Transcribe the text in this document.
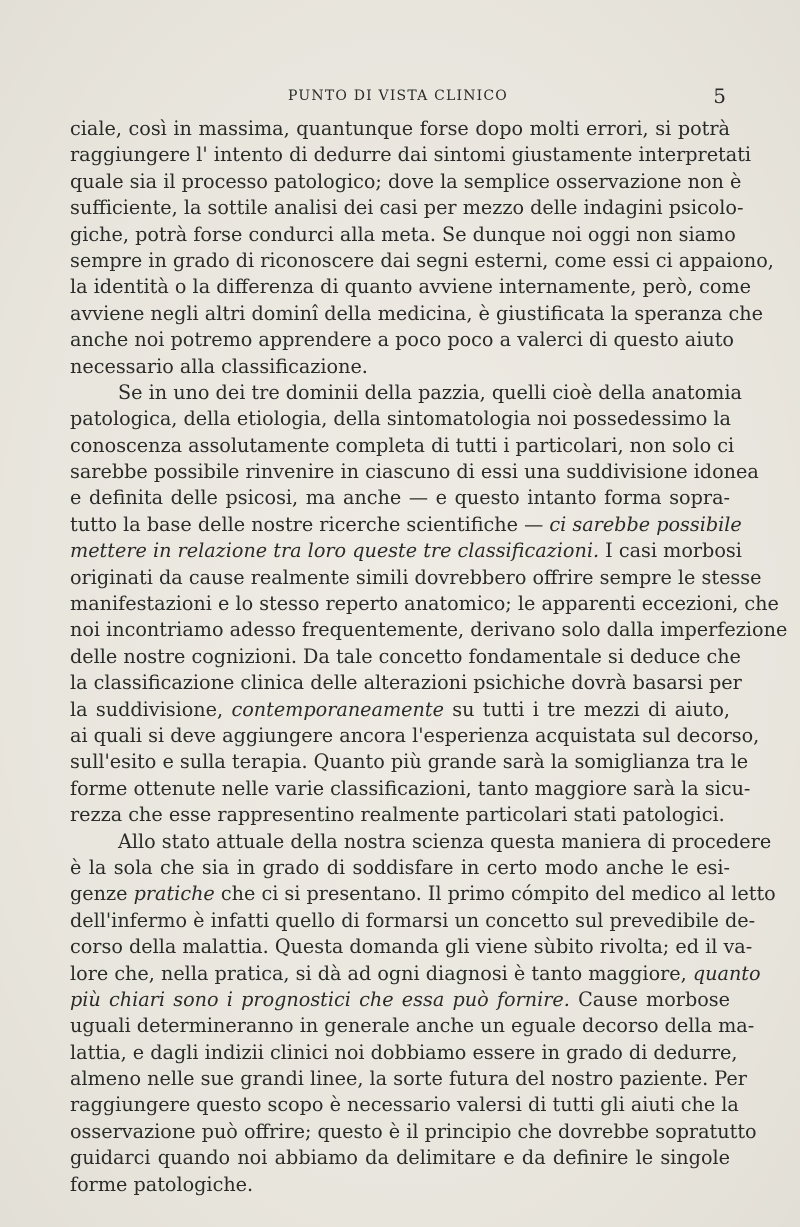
PUNTO DI VISTA CLINICO	5
ciale, così in massima, quantunque forse dopo molti errori, si potrà
raggiungere l' intento di dedurre dai sintomi giustamente interpretati
quale sia il processo patologico; dove la semplice osservazione non è
sufficiente, la sottile analisi dei casi per mezzo delle indagini psicolo-
giche, potrà forse condurci alla meta. Se dunque noi oggi non siamo
sempre in grado di riconoscere dai segni esterni, come essi ci appaiono,
la identità o la differenza di quanto avviene internamente, però, come
avviene negli altri dominî della medicina, è giustificata la speranza che
anche noi potremo apprendere a poco poco a valerci di questo aiuto
necessario alla classificazione.
Se in uno dei tre dominii della pazzia, quelli cioè della anatomia
patologica, della etiologia, della sintomatologia noi possedessimo la
conoscenza assolutamente completa di tutti i particolari, non solo ci
sarebbe possibile rinvenire in ciascuno di essi una suddivisione idonea
e definita delle psicosi, ma anche — e questo intanto forma sopra-
tutto la base delle nostre ricerche scientifiche — ci sarebbe possibile
mettere in relazione tra loro queste tre classificazioni. I casi morbosi
originati da cause realmente simili dovrebbero offrire sempre le stesse
manifestazioni e lo stesso reperto anatomico; le apparenti eccezioni, che
noi incontriamo adesso frequentemente, derivano solo dalla imperfezione
delle nostre cognizioni. Da tale concetto fondamentale si deduce che
la classificazione clinica delle alterazioni psichiche dovrà basarsi per
la suddivisione, contemporaneamente su tutti i tre mezzi di aiuto,
ai quali si deve aggiungere ancora l'esperienza acquistata sul decorso,
sull'esito e sulla terapia. Quanto più grande sarà la somiglianza tra le
forme ottenute nelle varie classificazioni, tanto maggiore sarà la sicu-
rezza che esse rappresentino realmente particolari stati patologici.
Allo stato attuale della nostra scienza questa maniera di procedere
è la sola che sia in grado di soddisfare in certo modo anche le esi-
genze pratiche che ci si presentano. Il primo cómpito del medico al letto
dell'infermo è infatti quello di formarsi un concetto sul prevedibile de-
corso della malattia. Questa domanda gli viene sùbito rivolta; ed il va-
lore che, nella pratica, si dà ad ogni diagnosi è tanto maggiore, quanto
più chiari sono i prognostici che essa può fornire. Cause morbose
uguali determineranno in generale anche un eguale decorso della ma-
lattia, e dagli indizii clinici noi dobbiamo essere in grado di dedurre,
almeno nelle sue grandi linee, la sorte futura del nostro paziente. Per
raggiungere questo scopo è necessario valersi di tutti gli aiuti che la
osservazione può offrire; questo è il principio che dovrebbe sopratutto
guidarci quando noi abbiamo da delimitare e da definire le singole
forme patologiche.
